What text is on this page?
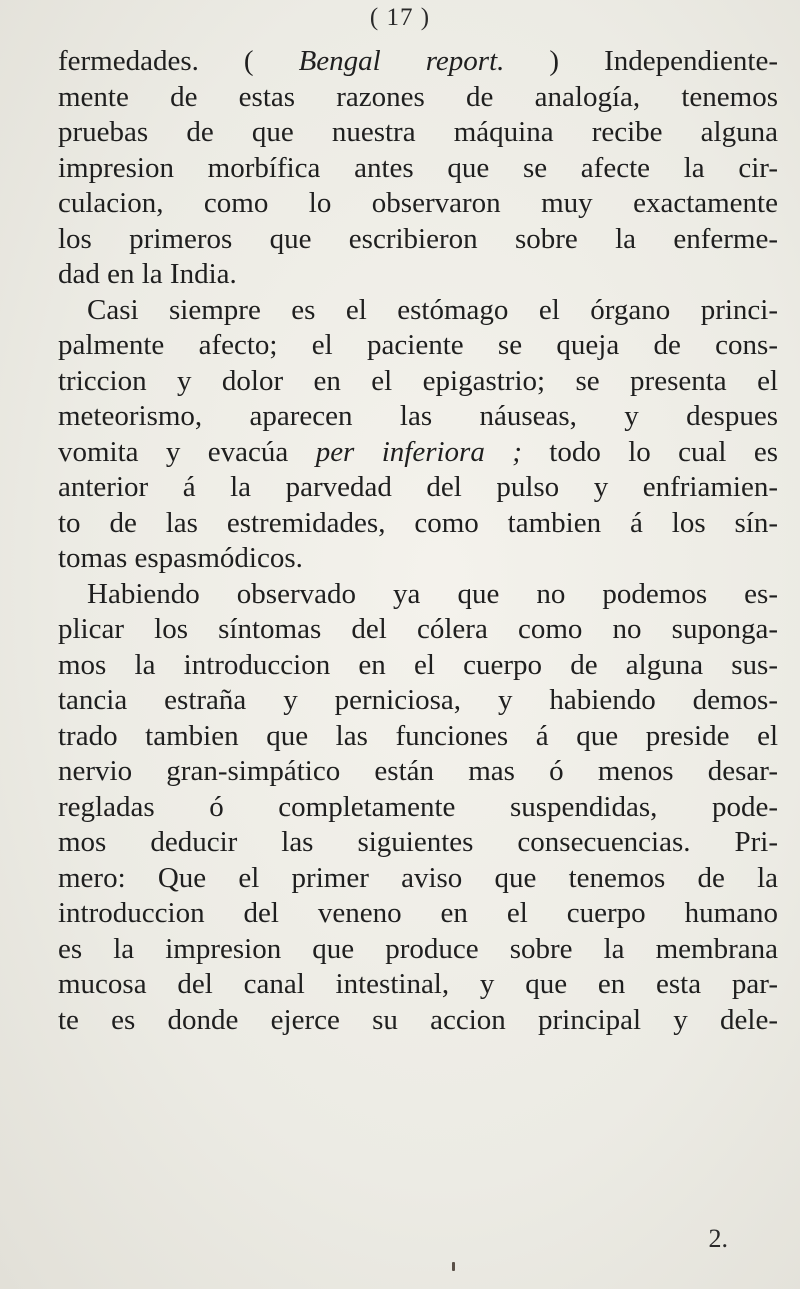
( 17 )
fermedades. ( Bengal report. ) Independiente-
mente de estas razones de analogía, tenemos
pruebas de que nuestra máquina recibe alguna
impresion morbífica antes que se afecte la cir-
culacion, como lo observaron muy exactamente
los primeros que escribieron sobre la enferme-
dad en la India.
Casi siempre es el estómago el órgano princi-
palmente afecto; el paciente se queja de cons-
triccion y dolor en el epigastrio; se presenta el
meteorismo, aparecen las náuseas, y despues
vomita y evacúa per inferiora ; todo lo cual es
anterior á la parvedad del pulso y enfriamien-
to de las estremidades, como tambien á los sín-
tomas espasmódicos.
Habiendo observado ya que no podemos es-
plicar los síntomas del cólera como no suponga-
mos la introduccion en el cuerpo de alguna sus-
tancia estraña y perniciosa, y habiendo demos-
trado tambien que las funciones á que preside el
nervio gran-simpático están mas ó menos desar-
regladas ó completamente suspendidas, pode-
mos deducir las siguientes consecuencias. Pri-
mero: Que el primer aviso que tenemos de la
introduccion del veneno en el cuerpo humano
es la impresion que produce sobre la membrana
mucosa del canal intestinal, y que en esta par-
te es donde ejerce su accion principal y dele-
2.
